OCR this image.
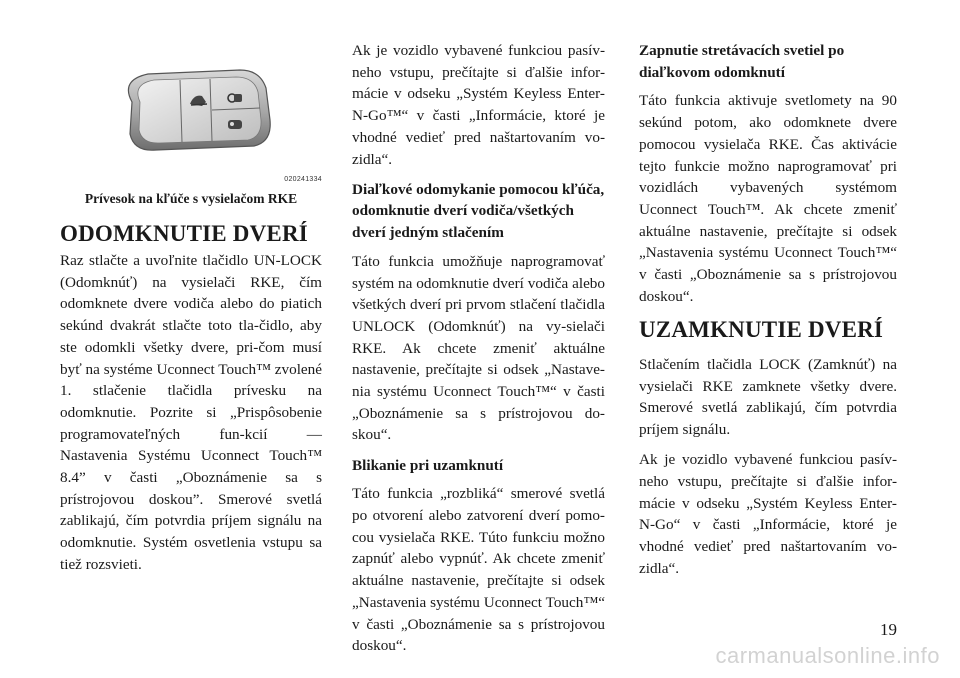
020241334
Prívesok na kľúče s vysielačom RKE
ODOMKNUTIE DVERÍ

Raz stlačte a uvoľnite tlačidlo UN-LOCK (Odomknúť) na vysielači RKE, čím odomknete dvere vodiča alebo do piatich sekúnd dvakrát stlačte toto tla-čidlo, aby ste odomkli všetky dvere, pri-čom musí byť na systéme Uconnect Touch™ zvolené 1. stlačenie tlačidla prívesku na odomknutie. Pozrite si „Prispôsobenie programovateľných fun-kcií — Nastavenia Systému Uconnect Touch™ 8.4” v časti „Oboznámenie sa s prístrojovou doskou”. Smerové svetlá zablikajú, čím potvrdia príjem signálu na odomknutie. Systém osvetlenia vstupu sa tiež rozsvieti.

Ak je vozidlo vybavené funkciou pasív-neho vstupu, prečítajte si ďalšie infor-mácie v odseku „Systém Keyless Enter-N-Go™“ v časti „Informácie, ktoré je vhodné vedieť pred naštartovaním vo-zidla“.

Diaľkové odomykanie pomocou kľúča, odomknutie dverí vodiča/všetkých dverí jedným stlačením

Táto funkcia umožňuje naprogramovať systém na odomknutie dverí vodiča alebo všetkých dverí pri prvom stlačení tlačidla UNLOCK (Odomknúť) na vy-sielači RKE. Ak chcete zmeniť aktuálne nastavenie, prečítajte si odsek „Nastave-nia systému Uconnect Touch™“ v časti „Oboznámenie sa s prístrojovou do-skou“.

Blikanie pri uzamknutí

Táto funkcia „rozbliká“ smerové svetlá po otvorení alebo zatvorení dverí pomo-cou vysielača RKE. Túto funkciu možno zapnúť alebo vypnúť. Ak chcete zmeniť aktuálne nastavenie, prečítajte si odsek „Nastavenia systému Uconnect Touch™“ v časti „Oboznámenie sa s prístrojovou doskou“.

Zapnutie stretávacích svetiel po diaľkovom odomknutí

Táto funkcia aktivuje svetlomety na 90 sekúnd potom, ako odomknete dvere pomocou vysielača RKE. Čas aktivácie tejto funkcie možno naprogramovať pri vozidlách vybavených systémom Uconnect Touch™. Ak chcete zmeniť aktuálne nastavenie, prečítajte si odsek „Nastavenia systému Uconnect Touch™“ v časti „Oboznámenie sa s prístrojovou doskou“.

UZAMKNUTIE DVERÍ

Stlačením tlačidla LOCK (Zamknúť) na vysielači RKE zamknete všetky dvere. Smerové svetlá zablikajú, čím potvrdia príjem signálu.

Ak je vozidlo vybavené funkciou pasív-neho vstupu, prečítajte si ďalšie infor-mácie v odseku „Systém Keyless Enter-N-Go“ v časti „Informácie, ktoré je vhodné vedieť pred naštartovaním vo-zidla“.

19
carmanualsonline.info
